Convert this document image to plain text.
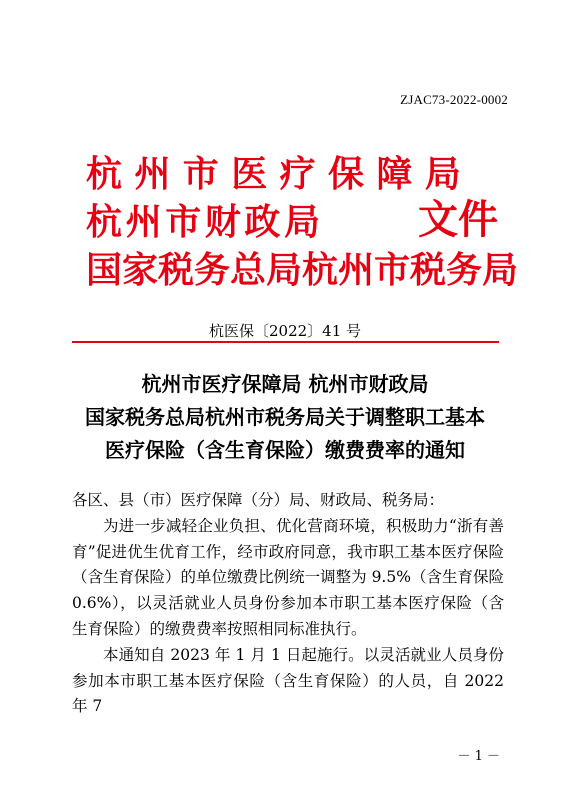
ZJAC73-2022-0002
杭州市医疗保障局
杭州市财政局
国家税务总局杭州市税务局
文件
杭医保〔2022〕41 号
杭州市医疗保障局 杭州市财政局
国家税务总局杭州市税务局关于调整职工基本
医疗保险（含生育保险）缴费费率的通知

各区、县（市）医疗保障（分）局、财政局、税务局：

为进一步减轻企业负担、优化营商环境，积极助力“浙有善育”促进优生优育工作，经市政府同意，我市职工基本医疗保险（含生育保险）的单位缴费比例统一调整为 9.5%（含生育保险 0.6%），以灵活就业人员身份参加本市职工基本医疗保险（含生育保险）的缴费费率按照相同标准执行。

本通知自 2023 年 1 月 1 日起施行。以灵活就业人员身份参加本市职工基本医疗保险（含生育保险）的人员，自 2022 年 7

－ 1 －
